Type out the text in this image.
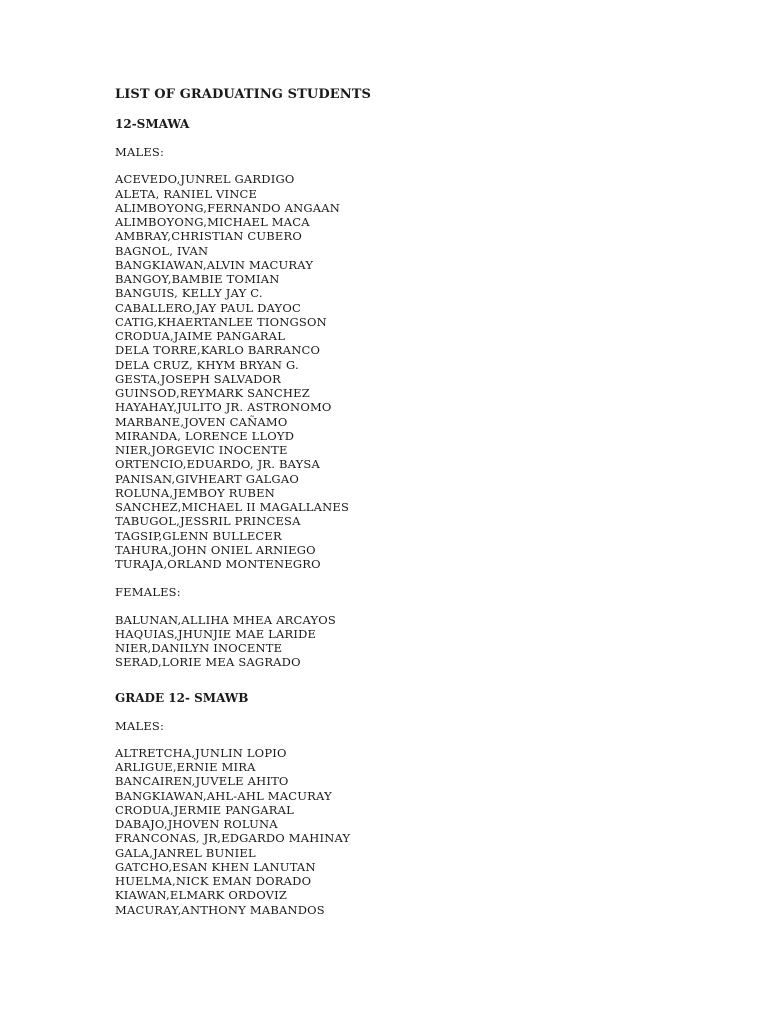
LIST OF GRADUATING STUDENTS
12-SMAWA
MALES:
ACEVEDO,JUNREL GARDIGO
ALETA, RANIEL VINCE
ALIMBOYONG,FERNANDO ANGAAN
ALIMBOYONG,MICHAEL MACA
AMBRAY,CHRISTIAN CUBERO
BAGNOL, IVAN
BANGKIAWAN,ALVIN MACURAY
BANGOY,BAMBIE TOMIAN
BANGUIS, KELLY JAY C.
CABALLERO,JAY PAUL DAYOC
CATIG,KHAERTANLEE TIONGSON
CRODUA,JAIME PANGARAL
DELA TORRE,KARLO BARRANCO
DELA CRUZ, KHYM BRYAN G.
GESTA,JOSEPH SALVADOR
GUINSOD,REYMARK SANCHEZ
HAYAHAY,JULITO JR. ASTRONOMO
MARBANE,JOVEN CAÑAMO
MIRANDA, LORENCE LLOYD
NIER,JORGEVIC INOCENTE
ORTENCIO,EDUARDO, JR. BAYSA
PANISAN,GIVHEART GALGAO
ROLUNA,JEMBOY RUBEN
SANCHEZ,MICHAEL II MAGALLANES
TABUGOL,JESSRIL PRINCESA
TAGSIP,GLENN BULLECER
TAHURA,JOHN ONIEL ARNIEGO
TURAJA,ORLAND MONTENEGRO
FEMALES:
BALUNAN,ALLIHA MHEA ARCAYOS
HAQUIAS,JHUNJIE MAE LARIDE
NIER,DANILYN INOCENTE
SERAD,LORIE MEA SAGRADO
GRADE 12- SMAWB
MALES:
ALTRETCHA,JUNLIN LOPIO
ARLIGUE,ERNIE MIRA
BANCAIREN,JUVELE AHITO
BANGKIAWAN,AHL-AHL MACURAY
CRODUA,JERMIE PANGARAL
DABAJO,JHOVEN ROLUNA
FRANCONAS, JR,EDGARDO MAHINAY
GALA,JANREL BUNIEL
GATCHO,ESAN KHEN LANUTAN
HUELMA,NICK EMAN DORADO
KIAWAN,ELMARK ORDOVIZ
MACURAY,ANTHONY MABANDOS
